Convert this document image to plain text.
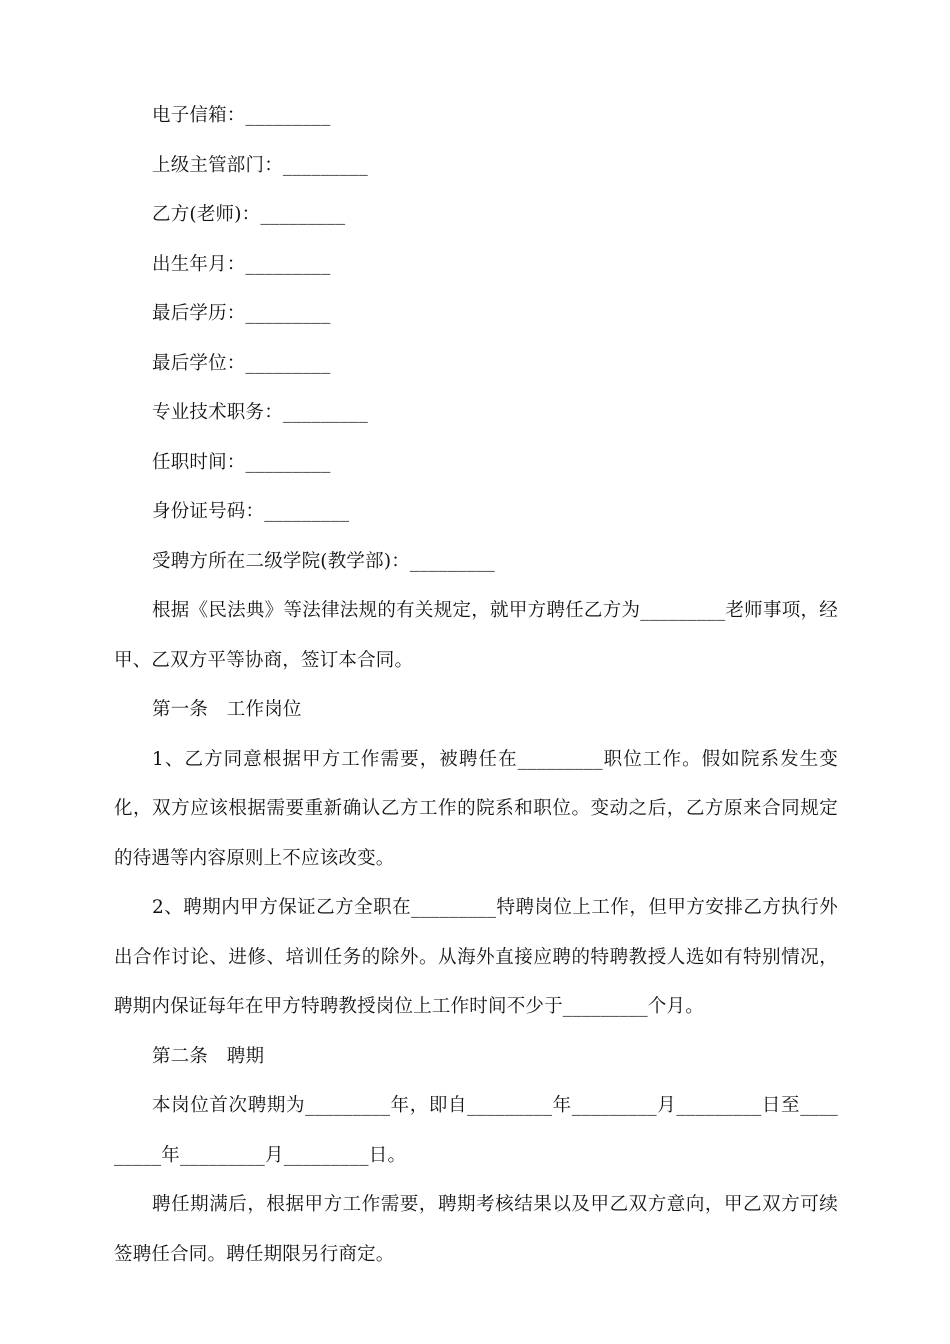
电子信箱：_________

上级主管部门：_________

乙方(老师)：_________

出生年月：_________

最后学历：_________

最后学位：_________

专业技术职务：_________

任职时间：_________

身份证号码：_________

受聘方所在二级学院(教学部)：_________

根据《民法典》等法律法规的有关规定，就甲方聘任乙方为_________老师事项，经甲、乙双方平等协商，签订本合同。

第一条　工作岗位

1、乙方同意根据甲方工作需要，被聘任在_________职位工作。假如院系发生变化，双方应该根据需要重新确认乙方工作的院系和职位。变动之后，乙方原来合同规定的待遇等内容原则上不应该改变。

2、聘期内甲方保证乙方全职在_________特聘岗位上工作，但甲方安排乙方执行外出合作讨论、进修、培训任务的除外。从海外直接应聘的特聘教授人选如有特别情况，聘期内保证每年在甲方特聘教授岗位上工作时间不少于_________个月。

第二条　聘期

本岗位首次聘期为_________年，即自_________年_________月_________日至_________年_________月_________日。

聘任期满后，根据甲方工作需要，聘期考核结果以及甲乙双方意向，甲乙双方可续签聘任合同。聘任期限另行商定。
